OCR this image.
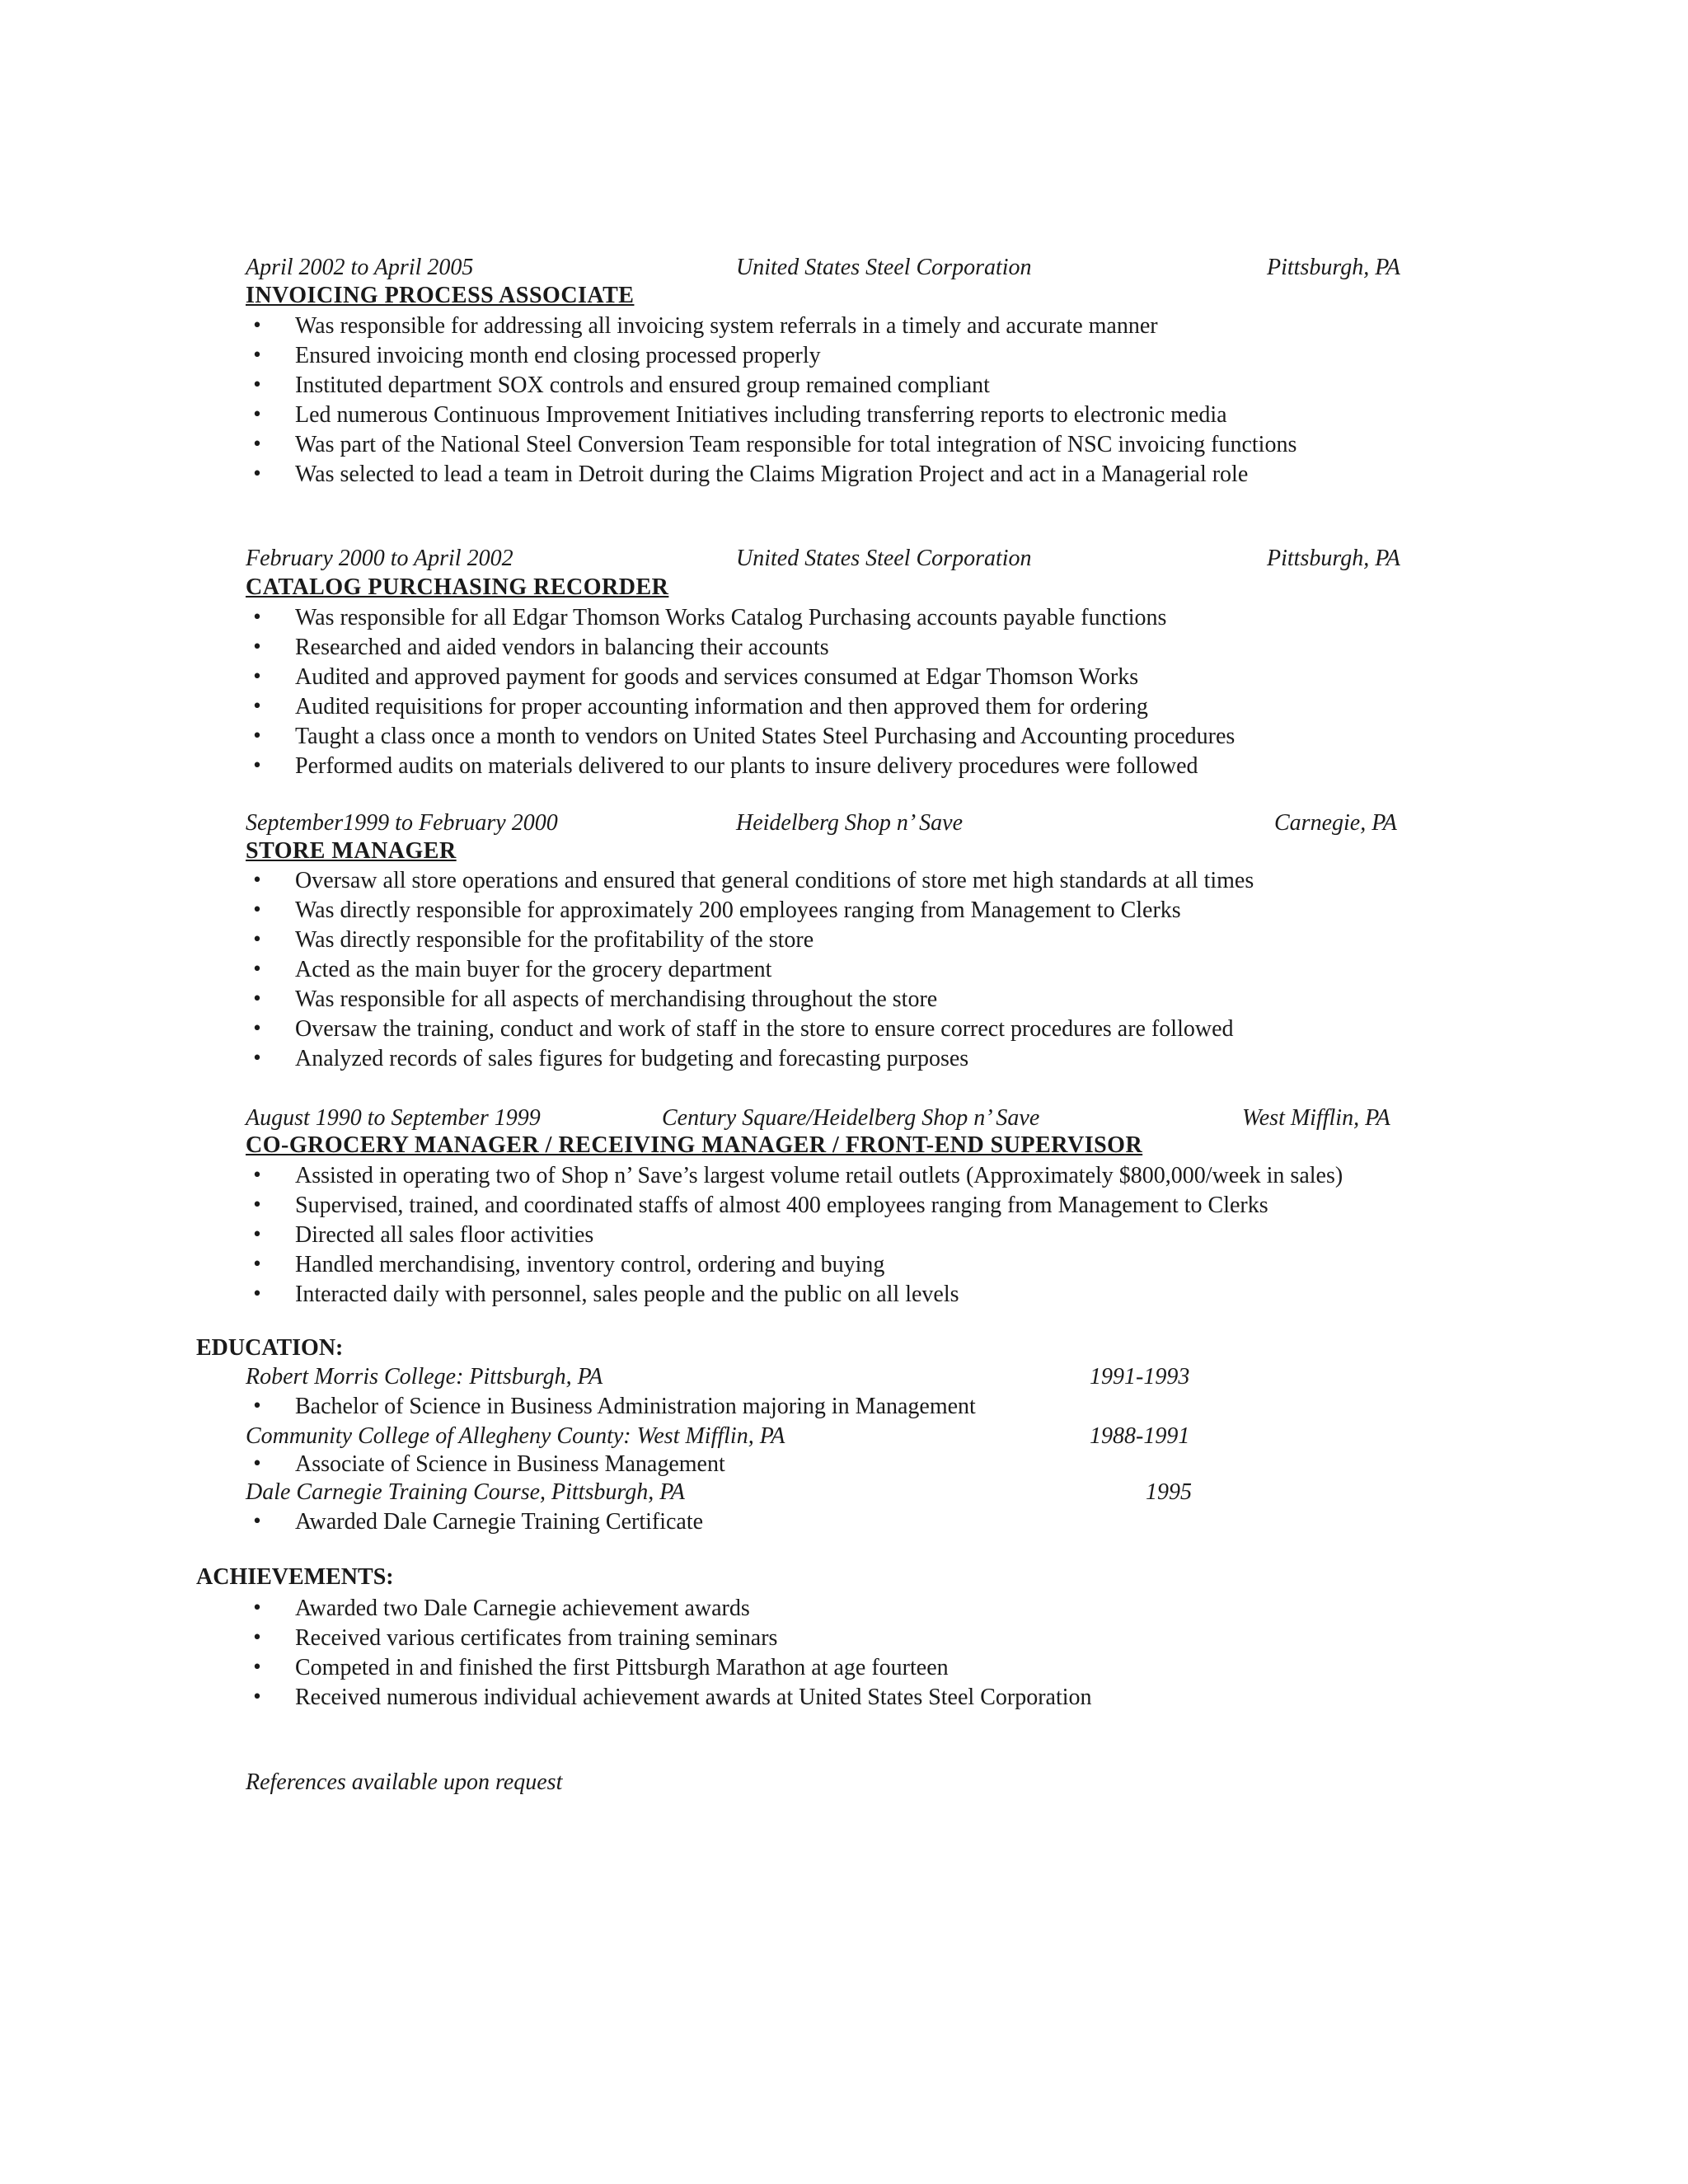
April 2002 to April 2005	United States Steel Corporation	Pittsburgh, PA
INVOICING PROCESS ASSOCIATE
• Was responsible for addressing all invoicing system referrals in a timely and accurate manner
• Ensured invoicing month end closing processed properly
• Instituted department SOX controls and ensured group remained compliant
• Led numerous Continuous Improvement Initiatives including transferring reports to electronic media
• Was part of the National Steel Conversion Team responsible for total integration of NSC invoicing functions
• Was selected to lead a team in Detroit during the Claims Migration Project and act in a Managerial role
February 2000 to April 2002	United States Steel Corporation	Pittsburgh, PA
CATALOG PURCHASING RECORDER
• Was responsible for all Edgar Thomson Works Catalog Purchasing accounts payable functions
• Researched and aided vendors in balancing their accounts
• Audited and approved payment for goods and services consumed at Edgar Thomson Works
• Audited requisitions for proper accounting information and then approved them for ordering
• Taught a class once a month to vendors on United States Steel Purchasing and Accounting procedures
• Performed audits on materials delivered to our plants to insure delivery procedures were followed
September1999 to February 2000	Heidelberg Shop n’ Save	Carnegie, PA
STORE MANAGER
• Oversaw all store operations and ensured that general conditions of store met high standards at all times
• Was directly responsible for approximately 200 employees ranging from Management to Clerks
• Was directly responsible for the profitability of the store
• Acted as the main buyer for the grocery department
• Was responsible for all aspects of merchandising throughout the store
• Oversaw the training, conduct and work of staff in the store to ensure correct procedures are followed
• Analyzed records of sales figures for budgeting and forecasting purposes
August 1990 to September 1999	Century Square/Heidelberg Shop n’ Save	West Mifflin, PA
CO-GROCERY MANAGER / RECEIVING MANAGER / FRONT-END SUPERVISOR
• Assisted in operating two of Shop n’ Save’s largest volume retail outlets (Approximately $800,000/week in sales)
• Supervised, trained, and coordinated staffs of almost 400 employees ranging from Management to Clerks
• Directed all sales floor activities
• Handled merchandising, inventory control, ordering and buying
• Interacted daily with personnel, sales people and the public on all levels
EDUCATION:
Robert Morris College: Pittsburgh, PA	1991-1993
• Bachelor of Science in Business Administration majoring in Management
Community College of Allegheny County: West Mifflin, PA	1988-1991
• Associate of Science in Business Management
Dale Carnegie Training Course, Pittsburgh, PA	1995
• Awarded Dale Carnegie Training Certificate
ACHIEVEMENTS:
• Awarded two Dale Carnegie achievement awards
• Received various certificates from training seminars
• Competed in and finished the first Pittsburgh Marathon at age fourteen
• Received numerous individual achievement awards at United States Steel Corporation
References available upon request
